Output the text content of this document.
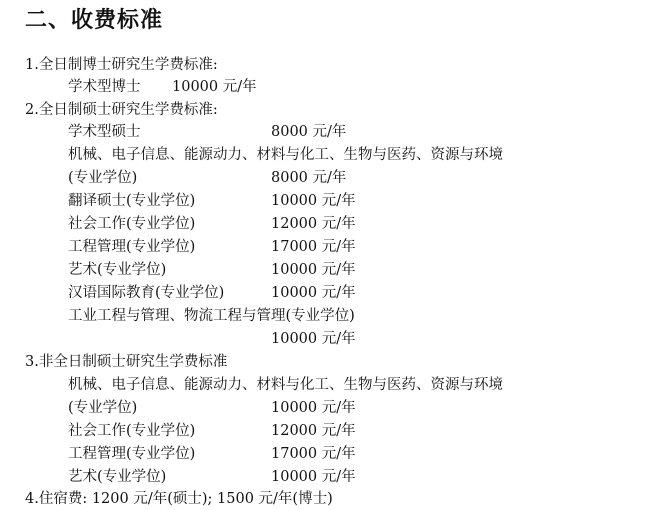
二、收费标准
1.全日制博士研究生学费标准:
学术型博士 10000 元/年
2.全日制硕士研究生学费标准:
学术型硕士	8000 元/年
机械、电子信息、能源动力、材料与化工、生物与医药、资源与环境
(专业学位)	8000 元/年
翻译硕士(专业学位)	10000 元/年
社会工作(专业学位)	12000 元/年
工程管理(专业学位)	17000 元/年
艺术(专业学位)	10000 元/年
汉语国际教育(专业学位)	10000 元/年
工业工程与管理、物流工程与管理(专业学位)
10000 元/年
3.非全日制硕士研究生学费标准
机械、电子信息、能源动力、材料与化工、生物与医药、资源与环境
(专业学位)	10000 元/年
社会工作(专业学位)	12000 元/年
工程管理(专业学位)	17000 元/年
艺术(专业学位)	10000 元/年
4.住宿费: 1200 元/年(硕士); 1500 元/年(博士)
